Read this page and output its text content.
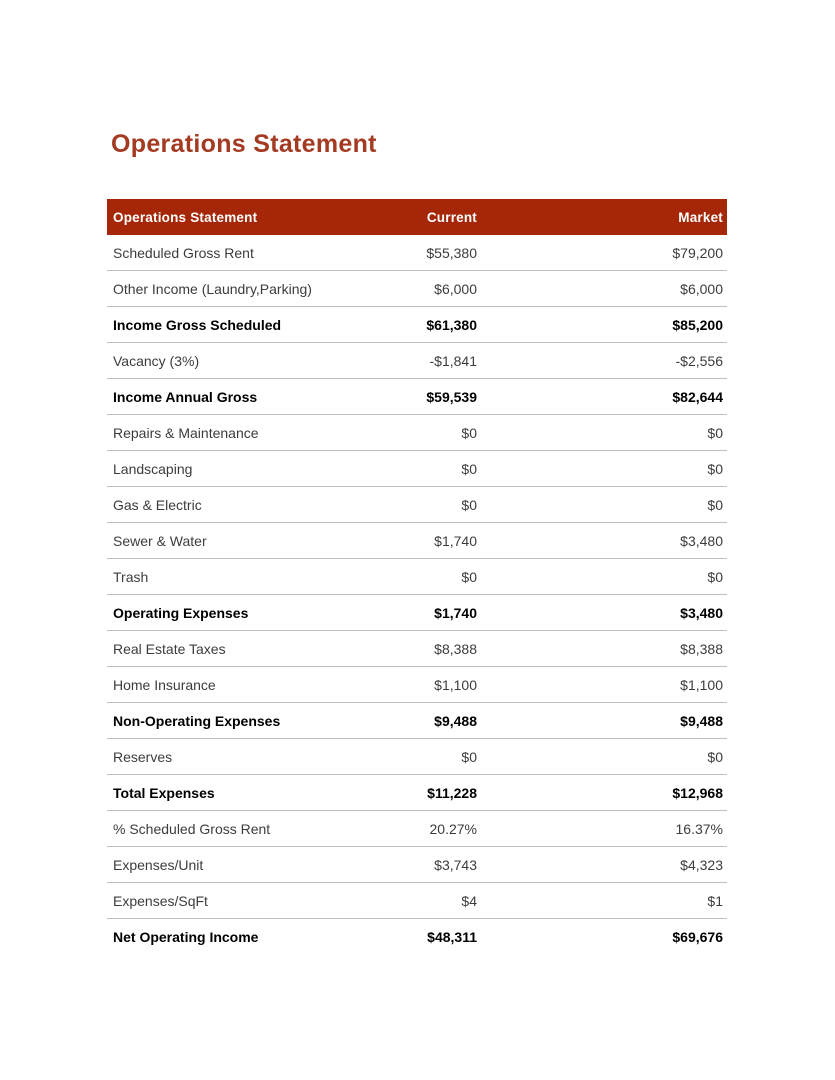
Operations Statement
Operations Statement	Current	Market
Scheduled Gross Rent	$55,380	$79,200
Other Income (Laundry,Parking)	$6,000	$6,000
Income Gross Scheduled	$61,380	$85,200
Vacancy (3%)	-$1,841	-$2,556
Income Annual Gross	$59,539	$82,644
Repairs & Maintenance	$0	$0
Landscaping	$0	$0
Gas & Electric	$0	$0
Sewer & Water	$1,740	$3,480
Trash	$0	$0
Operating Expenses	$1,740	$3,480
Real Estate Taxes	$8,388	$8,388
Home Insurance	$1,100	$1,100
Non-Operating Expenses	$9,488	$9,488
Reserves	$0	$0
Total Expenses	$11,228	$12,968
% Scheduled Gross Rent	20.27%	16.37%
Expenses/Unit	$3,743	$4,323
Expenses/SqFt	$4	$1
Net Operating Income	$48,311	$69,676
